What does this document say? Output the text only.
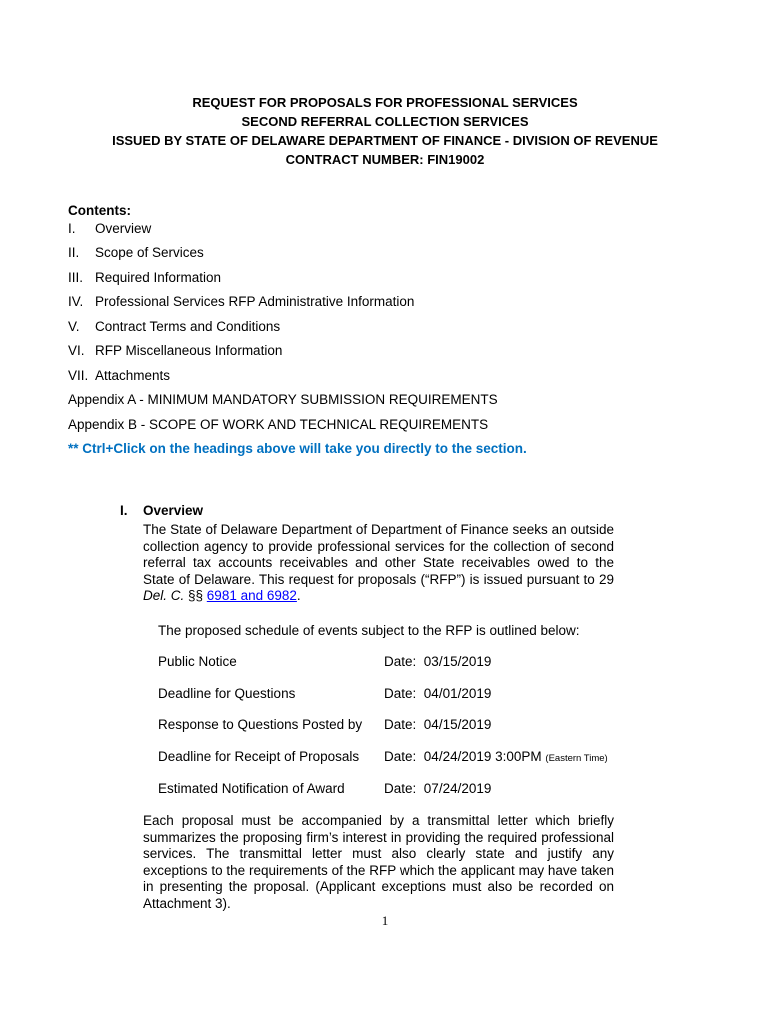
REQUEST FOR PROPOSALS FOR PROFESSIONAL SERVICES
SECOND REFERRAL COLLECTION SERVICES
ISSUED BY STATE OF DELAWARE DEPARTMENT OF FINANCE - DIVISION OF REVENUE
CONTRACT NUMBER: FIN19002
Contents:
I. Overview
II. Scope of Services
III. Required Information
IV. Professional Services RFP Administrative Information
V. Contract Terms and Conditions
VI. RFP Miscellaneous Information
VII. Attachments
Appendix A - MINIMUM MANDATORY SUBMISSION REQUIREMENTS
Appendix B - SCOPE OF WORK AND TECHNICAL REQUIREMENTS
** Ctrl+Click on the headings above will take you directly to the section.
I. Overview
The State of Delaware Department of Department of Finance seeks an outside collection agency to provide professional services for the collection of second referral tax accounts receivables and other State receivables owed to the State of Delaware. This request for proposals (“RFP”) is issued pursuant to 29 Del. C. §§ 6981 and 6982.
The proposed schedule of events subject to the RFP is outlined below:
Public Notice	Date: 03/15/2019
Deadline for Questions	Date: 04/01/2019
Response to Questions Posted by Date: 04/15/2019
Deadline for Receipt of Proposals Date: 04/24/2019 3:00PM (Eastern Time)
Estimated Notification of Award	Date: 07/24/2019
Each proposal must be accompanied by a transmittal letter which briefly summarizes the proposing firm’s interest in providing the required professional services. The transmittal letter must also clearly state and justify any exceptions to the requirements of the RFP which the applicant may have taken in presenting the proposal. (Applicant exceptions must also be recorded on Attachment 3).
1
